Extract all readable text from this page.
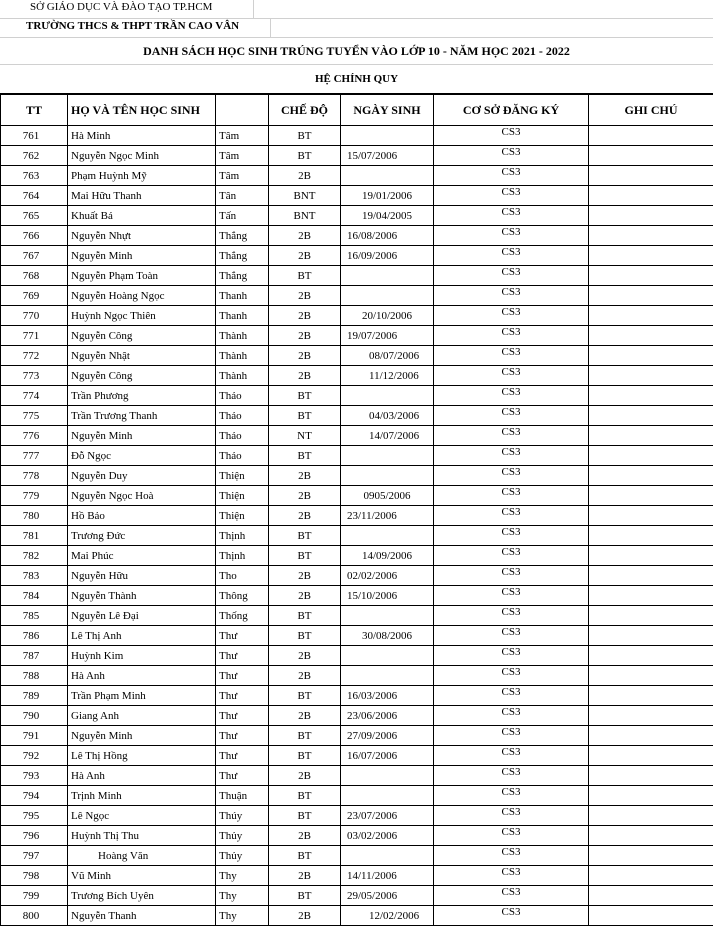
SỞ GIÁO DỤC VÀ ĐÀO TẠO TP.HCM
TRƯỜNG THCS & THPT TRẦN CAO VÂN
DANH SÁCH HỌC SINH TRÚNG TUYỂN VÀO LỚP 10 - NĂM HỌC 2021 - 2022
HỆ CHÍNH QUY
TT	HỌ VÀ TÊN HỌC SINH		CHẾ ĐỘ	NGÀY SINH	CƠ SỞ ĐĂNG KÝ	GHI CHÚ
761	Hà Minh	Tâm	BT		CS3	
762	Nguyễn Ngọc Minh	Tâm	BT	15/07/2006	CS3	
763	Phạm Huỳnh Mỹ	Tâm	2B		CS3	
764	Mai Hữu Thanh	Tân	BNT	19/01/2006	CS3	
765	Khuất Bá	Tấn	BNT	19/04/2005	CS3	
766	Nguyễn Nhựt	Thắng	2B	16/08/2006	CS3	
767	Nguyễn Minh	Thắng	2B	16/09/2006	CS3	
768	Nguyễn Phạm Toàn	Thắng	BT		CS3	
769	Nguyễn Hoàng Ngọc	Thanh	2B		CS3	
770	Huỳnh Ngọc Thiên	Thanh	2B	20/10/2006	CS3	
771	Nguyễn Công	Thành	2B	19/07/2006	CS3	
772	Nguyễn Nhật	Thành	2B	08/07/2006	CS3	
773	Nguyễn Công	Thành	2B	11/12/2006	CS3	
774	Trần Phương	Thảo	BT		CS3	
775	Trần Trương Thanh	Thảo	BT	04/03/2006	CS3	
776	Nguyễn Minh	Thảo	NT	14/07/2006	CS3	
777	Đỗ Ngọc	Thảo	BT		CS3	
778	Nguyễn Duy	Thiện	2B		CS3	
779	Nguyễn Ngọc Hoà	Thiện	2B	0905/2006	CS3	
780	Hồ Bảo	Thiện	2B	23/11/2006	CS3	
781	Trương Đức	Thịnh	BT		CS3	
782	Mai Phúc	Thịnh	BT	14/09/2006	CS3	
783	Nguyễn Hữu	Tho	2B	02/02/2006	CS3	
784	Nguyễn Thành	Thông	2B	15/10/2006	CS3	
785	Nguyễn Lê Đại	Thống	BT		CS3	
786	Lê Thị Anh	Thư	BT	30/08/2006	CS3	
787	Huỳnh Kim	Thư	2B		CS3	
788	Hà Anh	Thư	2B		CS3	
789	Trần Phạm Minh	Thư	BT	16/03/2006	CS3	
790	Giang Anh	Thư	2B	23/06/2006	CS3	
791	Nguyễn Minh	Thư	BT	27/09/2006	CS3	
792	Lê Thị Hồng	Thư	BT	16/07/2006	CS3	
793	Hà Anh	Thư	2B		CS3	
794	Trịnh Minh	Thuận	BT		CS3	
795	Lê Ngọc	Thúy	BT	23/07/2006	CS3	
796	Huỳnh Thị Thu	Thủy	2B	03/02/2006	CS3	
797	Hoàng Văn	Thủy	BT		CS3	
798	Vũ Minh	Thy	2B	14/11/2006	CS3	
799	Trương Bích Uyên	Thy	BT	29/05/2006	CS3	
800	Nguyễn Thanh	Thy	2B	12/02/2006	CS3	
